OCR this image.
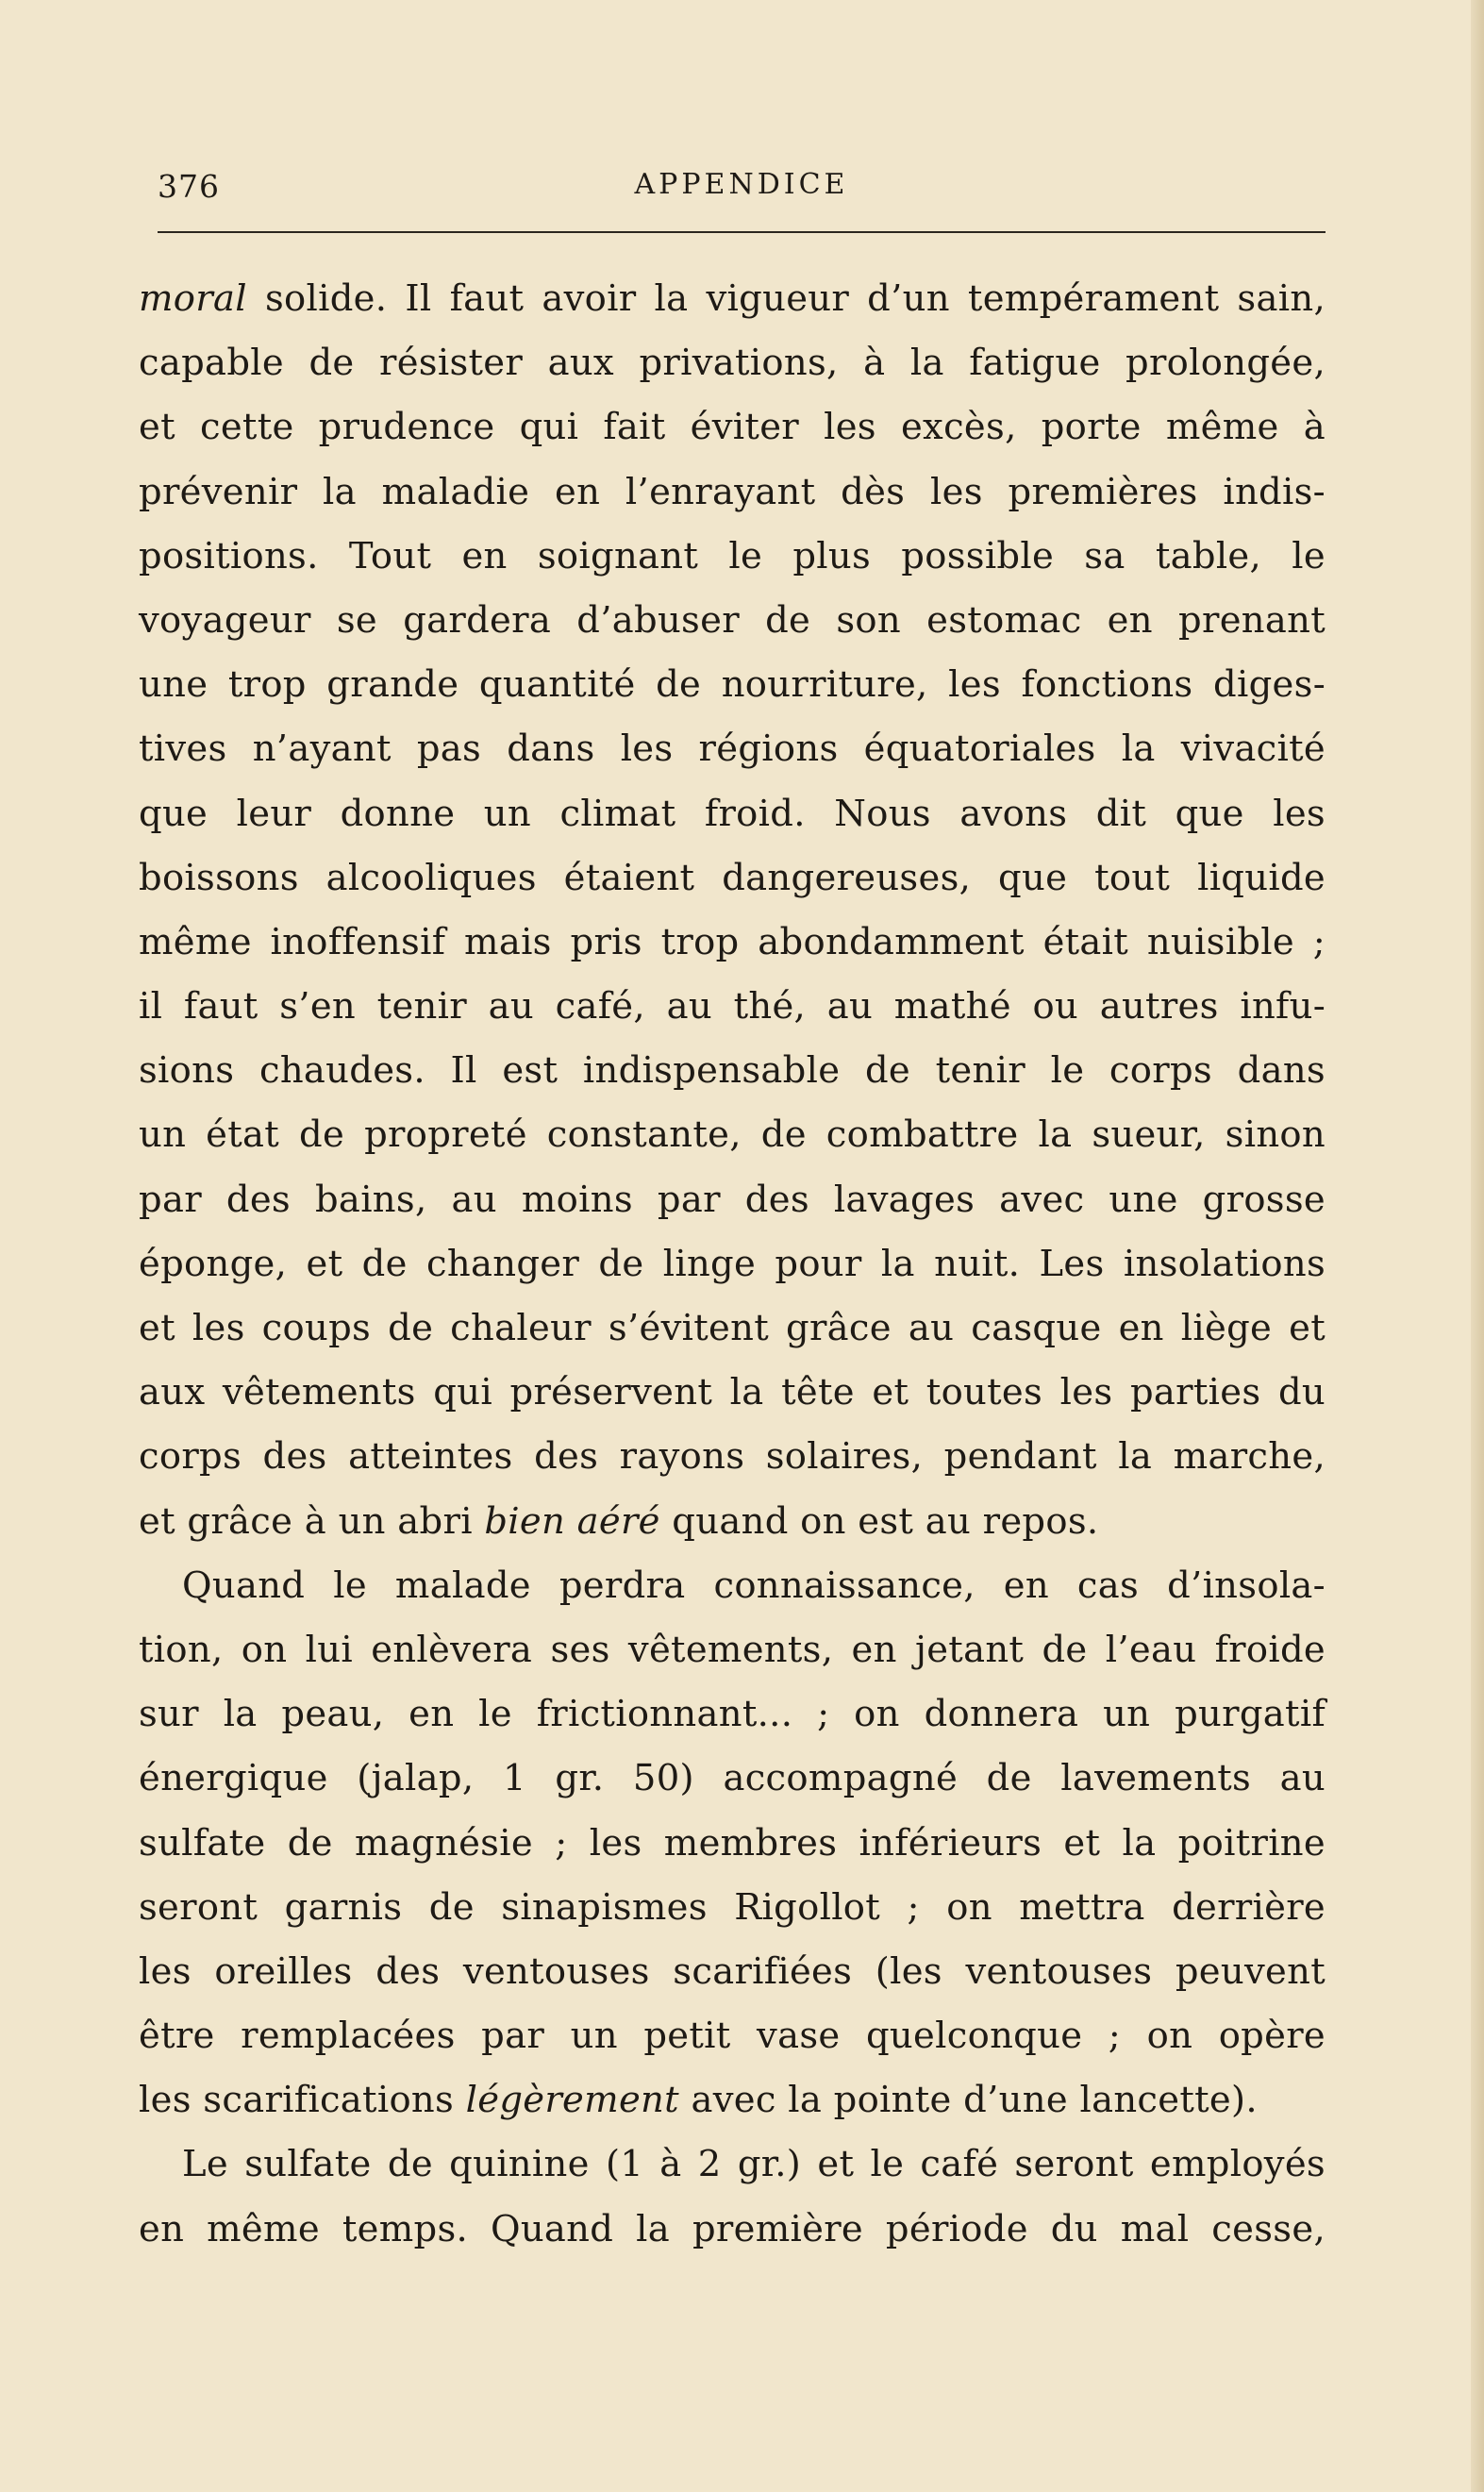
376	APPENDICE
moral solide. Il faut avoir la vigueur d’un tempérament sain,
capable de résister aux privations, à la fatigue prolongée,
et cette prudence qui fait éviter les excès, porte même à
prévenir la maladie en l’enrayant dès les premières indis-
positions. Tout en soignant le plus possible sa table, le
voyageur se gardera d’abuser de son estomac en prenant
une trop grande quantité de nourriture, les fonctions diges-
tives n’ayant pas dans les régions équatoriales la vivacité
que leur donne un climat froid. Nous avons dit que les
boissons alcooliques étaient dangereuses, que tout liquide
même inoffensif mais pris trop abondamment était nuisible ;
il faut s’en tenir au café, au thé, au mathé ou autres infu-
sions chaudes. Il est indispensable de tenir le corps dans
un état de propreté constante, de combattre la sueur, sinon
par des bains, au moins par des lavages avec une grosse
éponge, et de changer de linge pour la nuit. Les insolations
et les coups de chaleur s’évitent grâce au casque en liège et
aux vêtements qui préservent la tête et toutes les parties du
corps des atteintes des rayons solaires, pendant la marche,
et grâce à un abri bien aéré quand on est au repos.
Quand le malade perdra connaissance, en cas d’insola-
tion, on lui enlèvera ses vêtements, en jetant de l’eau froide
sur la peau, en le frictionnant... ; on donnera un purgatif
énergique (jalap, 1 gr. 50) accompagné de lavements au
sulfate de magnésie ; les membres inférieurs et la poitrine
seront garnis de sinapismes Rigollot ; on mettra derrière
les oreilles des ventouses scarifiées (les ventouses peuvent
être remplacées par un petit vase quelconque ; on opère
les scarifications légèrement avec la pointe d’une lancette).
Le sulfate de quinine (1 à 2 gr.) et le café seront employés
en même temps. Quand la première période du mal cesse,
